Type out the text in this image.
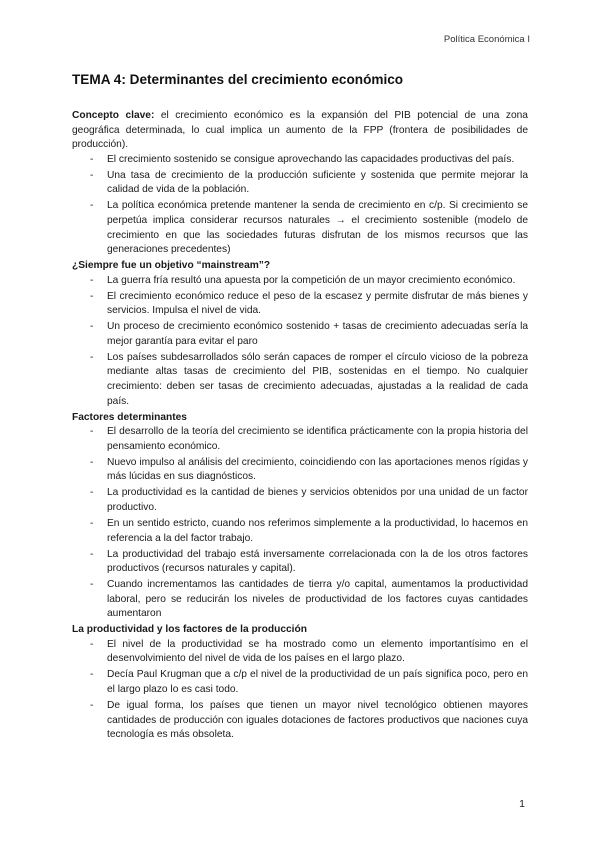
Política Económica I
TEMA 4: Determinantes del crecimiento económico

Concepto clave: el crecimiento económico es la expansión del PIB potencial de una zona geográfica determinada, lo cual implica un aumento de la FPP (frontera de posibilidades de producción).

- El crecimiento sostenido se consigue aprovechando las capacidades productivas del país.
- Una tasa de crecimiento de la producción suficiente y sostenida que permite mejorar la calidad de vida de la población.
- La política económica pretende mantener la senda de crecimiento en c/p. Si crecimiento se perpetúa implica considerar recursos naturales → el crecimiento sostenible (modelo de crecimiento en que las sociedades futuras disfrutan de los mismos recursos que las generaciones precedentes)

¿Siempre fue un objetivo “mainstream”?

- La guerra fría resultó una apuesta por la competición de un mayor crecimiento económico.
- El crecimiento económico reduce el peso de la escasez y permite disfrutar de más bienes y servicios. Impulsa el nivel de vida.
- Un proceso de crecimiento económico sostenido + tasas de crecimiento adecuadas sería la mejor garantía para evitar el paro
- Los países subdesarrollados sólo serán capaces de romper el círculo vicioso de la pobreza mediante altas tasas de crecimiento del PIB, sostenidas en el tiempo. No cualquier crecimiento: deben ser tasas de crecimiento adecuadas, ajustadas a la realidad de cada país.

Factores determinantes

- El desarrollo de la teoría del crecimiento se identifica prácticamente con la propia historia del pensamiento económico.
- Nuevo impulso al análisis del crecimiento, coincidiendo con las aportaciones menos rígidas y más lúcidas en sus diagnósticos.
- La productividad es la cantidad de bienes y servicios obtenidos por una unidad de un factor productivo.
- En un sentido estricto, cuando nos referimos simplemente a la productividad, lo hacemos en referencia a la del factor trabajo.
- La productividad del trabajo está inversamente correlacionada con la de los otros factores productivos (recursos naturales y capital).
- Cuando incrementamos las cantidades de tierra y/o capital, aumentamos la productividad laboral, pero se reducirán los niveles de productividad de los factores cuyas cantidades aumentaron

La productividad y los factores de la producción

- El nivel de la productividad se ha mostrado como un elemento importantísimo en el desenvolvimiento del nivel de vida de los países en el largo plazo.
- Decía Paul Krugman que a c/p el nivel de la productividad de un país significa poco, pero en el largo plazo lo es casi todo.
- De igual forma, los países que tienen un mayor nivel tecnológico obtienen mayores cantidades de producción con iguales dotaciones de factores productivos que naciones cuya tecnología es más obsoleta.
1
